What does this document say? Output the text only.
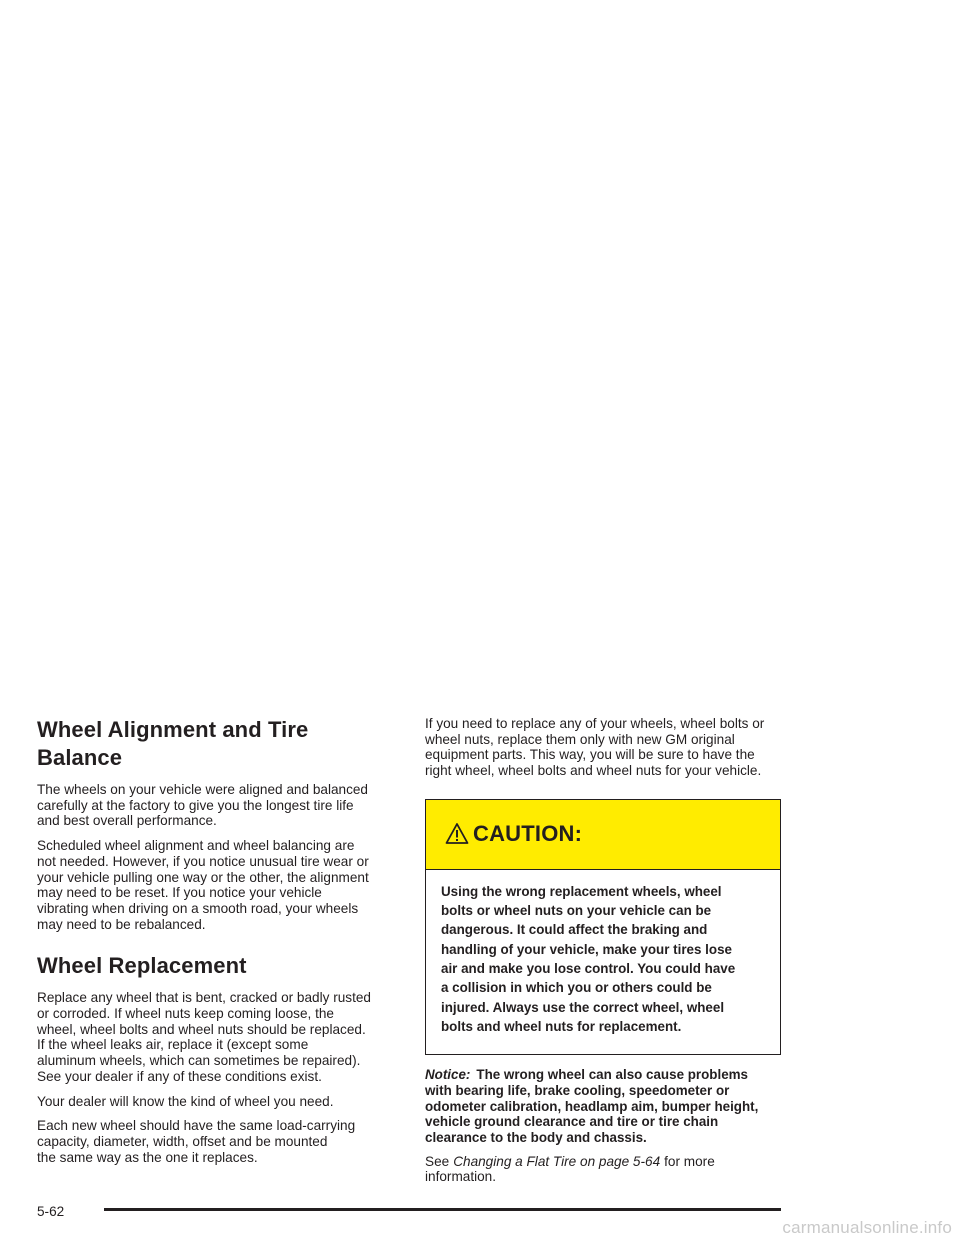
Wheel Alignment and Tire Balance

The wheels on your vehicle were aligned and balanced
carefully at the factory to give you the longest tire life
and best overall performance.

Scheduled wheel alignment and wheel balancing are
not needed. However, if you notice unusual tire wear or
your vehicle pulling one way or the other, the alignment
may need to be reset. If you notice your vehicle
vibrating when driving on a smooth road, your wheels
may need to be rebalanced.

Wheel Replacement

Replace any wheel that is bent, cracked or badly rusted
or corroded. If wheel nuts keep coming loose, the
wheel, wheel bolts and wheel nuts should be replaced.
If the wheel leaks air, replace it (except some
aluminum wheels, which can sometimes be repaired).
See your dealer if any of these conditions exist.

Your dealer will know the kind of wheel you need.

Each new wheel should have the same load-carrying
capacity, diameter, width, offset and be mounted
the same way as the one it replaces.

If you need to replace any of your wheels, wheel bolts or
wheel nuts, replace them only with new GM original
equipment parts. This way, you will be sure to have the
right wheel, wheel bolts and wheel nuts for your vehicle.

CAUTION:
Using the wrong replacement wheels, wheel
bolts or wheel nuts on your vehicle can be
dangerous. It could affect the braking and
handling of your vehicle, make your tires lose
air and make you lose control. You could have
a collision in which you or others could be
injured. Always use the correct wheel, wheel
bolts and wheel nuts for replacement.
Notice: The wrong wheel can also cause problems
with bearing life, brake cooling, speedometer or
odometer calibration, headlamp aim, bumper height,
vehicle ground clearance and tire or tire chain
clearance to the body and chassis.
See Changing a Flat Tire on page 5-64 for more
information.
5-62
carmanualsonline.info
